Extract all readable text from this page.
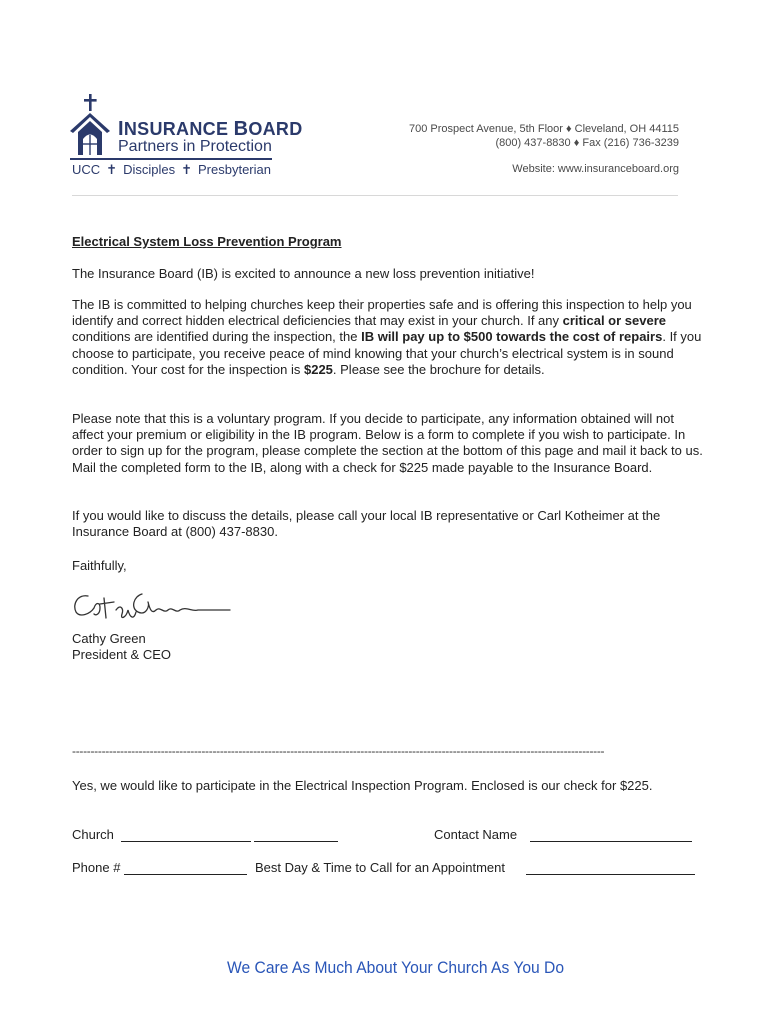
INSURANCE BOARD
Partners in Protection
UCC ✝ Disciples ✝ Presbyterian
700 Prospect Avenue, 5th Floor ♦ Cleveland, OH 44115
(800) 437-8830 ♦ Fax (216) 736-3239
Website: www.insuranceboard.org
Electrical System Loss Prevention Program
The Insurance Board (IB) is excited to announce a new loss prevention initiative!
The IB is committed to helping churches keep their properties safe and is offering this inspection to help you identify and correct hidden electrical deficiencies that may exist in your church. If any critical or severe conditions are identified during the inspection, the IB will pay up to $500 towards the cost of repairs. If you choose to participate, you receive peace of mind knowing that your church’s electrical system is in sound condition. Your cost for the inspection is $225. Please see the brochure for details.
Please note that this is a voluntary program. If you decide to participate, any information obtained will not affect your premium or eligibility in the IB program. Below is a form to complete if you wish to participate. In order to sign up for the program, please complete the section at the bottom of this page and mail it back to us. Mail the completed form to the IB, along with a check for $225 made payable to the Insurance Board.
If you would like to discuss the details, please call your local IB representative or Carl Kotheimer at the Insurance Board at (800) 437-8830.
Faithfully,
Cathy Green
President & CEO
------------------------------------------------------------------------------------------------------------------------------------------------
Yes, we would like to participate in the Electrical Inspection Program. Enclosed is our check for $225.
Church	Contact Name
Phone #	Best Day & Time to Call for an Appointment
We Care As Much About Your Church As You Do
